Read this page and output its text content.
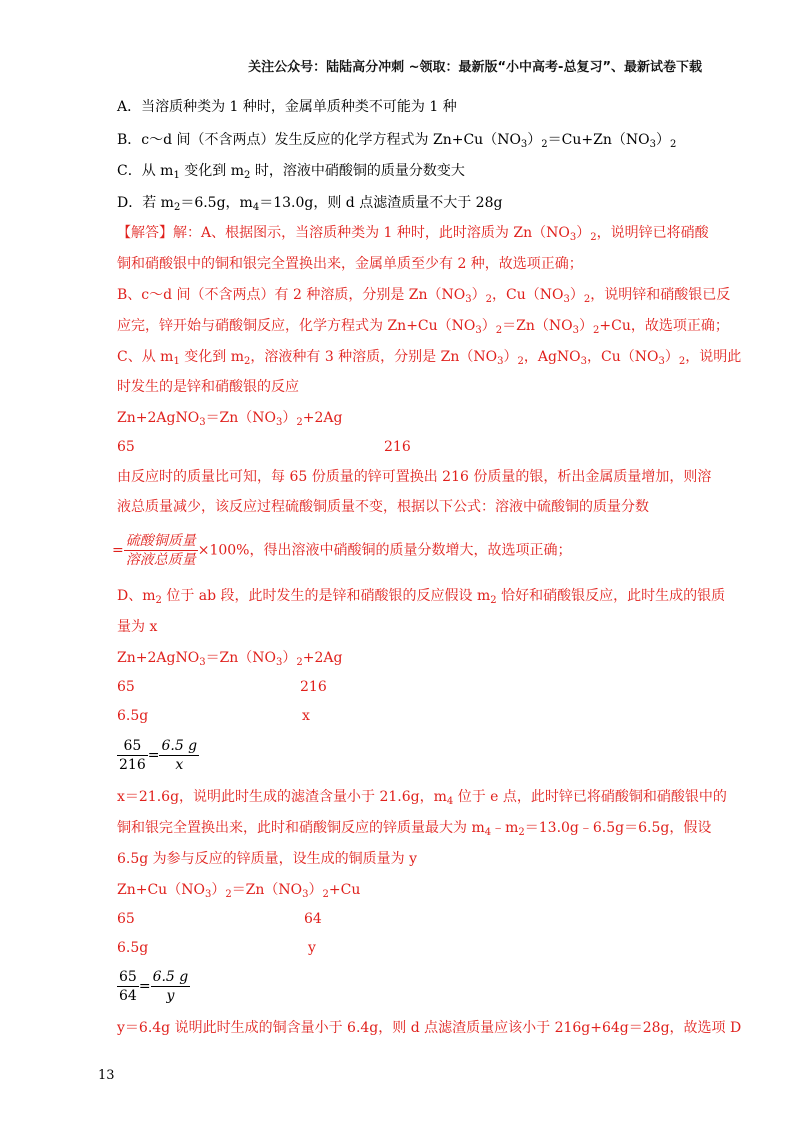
关注公众号：陆陆高分冲刺 ~领取：最新版“小中高考-总复习”、最新试卷下载
A．当溶质种类为 1 种时，金属单质种类不可能为 1 种
B．c～d 间（不含两点）发生反应的化学方程式为 $Zn+Cu(NO_3)_2=Cu+Zn(NO_3)_2$
C．从 $m_1$ 变化到 $m_2$ 时，溶液中硝酸铜的质量分数变大
D．若 $m_2=6.5g$，$m_4=13.0g$，则 d 点滤渣质量不大于 28g
【解答】解：A、根据图示，当溶质种类为 1 种时，此时溶质为 $Zn(NO_3)_2$，说明锌已将硝酸
铜和硝酸银中的铜和银完全置换出来，金属单质至少有 2 种，故选项正确；
B、c～d 间（不含两点）有 2 种溶质，分别是 $Zn(NO_3)_2$，$Cu(NO_3)_2$，说明锌和硝酸银已反
应完，锌开始与硝酸铜反应，化学方程式为 $Zn+Cu(NO_3)_2=Zn(NO_3)_2+Cu$，故选项正确；
C、从 $m_1$ 变化到 $m_2$，溶液种有 3 种溶质，分别是 $Zn(NO_3)_2$，AgNO$_3$，$Cu(NO_3)_2$，说明此
时发生的是锌和硝酸银的反应
$Zn+2AgNO_3=Zn(NO_3)_2+2Ag$
65	216
由反应时的质量比可知，每 65 份质量的锌可置换出 216 份质量的银，析出金属质量增加，则溶
液总质量减少，该反应过程硫酸铜质量不变，根据以下公式：溶液中硫酸铜的质量分数
= $\frac{\text{硫酸铜质量}}{\text{溶液总质量}} \times 100\%$，得出溶液中硝酸铜的质量分数增大，故选项正确；
D、$m_2$ 位于 ab 段，此时发生的是锌和硝酸银的反应假设 $m_2$ 恰好和硝酸银反应，此时生成的银质
量为 x
$Zn+2AgNO_3=Zn(NO_3)_2+2Ag$
65	216
6.5g	x
$\frac{65}{216} = \frac{6.5 g}{x}$
x＝21.6g，说明此时生成的滤渣含量小于 21.6g，$m_4$ 位于 e 点，此时锌已将硝酸铜和硝酸银中的
铜和银完全置换出来，此时和硝酸铜反应的锌质量最大为 $m_4﹣m_2=13.0g﹣6.5g=6.5g$，假设
6.5g 为参与反应的锌质量，设生成的铜质量为 y
$Zn+Cu(NO_3)_2=Zn(NO_3)_2+Cu$
65	64
6.5g	y
$\frac{65}{64} = \frac{6.5 g}{y}$
y＝6.4g 说明此时生成的铜含量小于 6.4g，则 d 点滤渣质量应该小于 216g+64g＝28g，故选项 D
13
